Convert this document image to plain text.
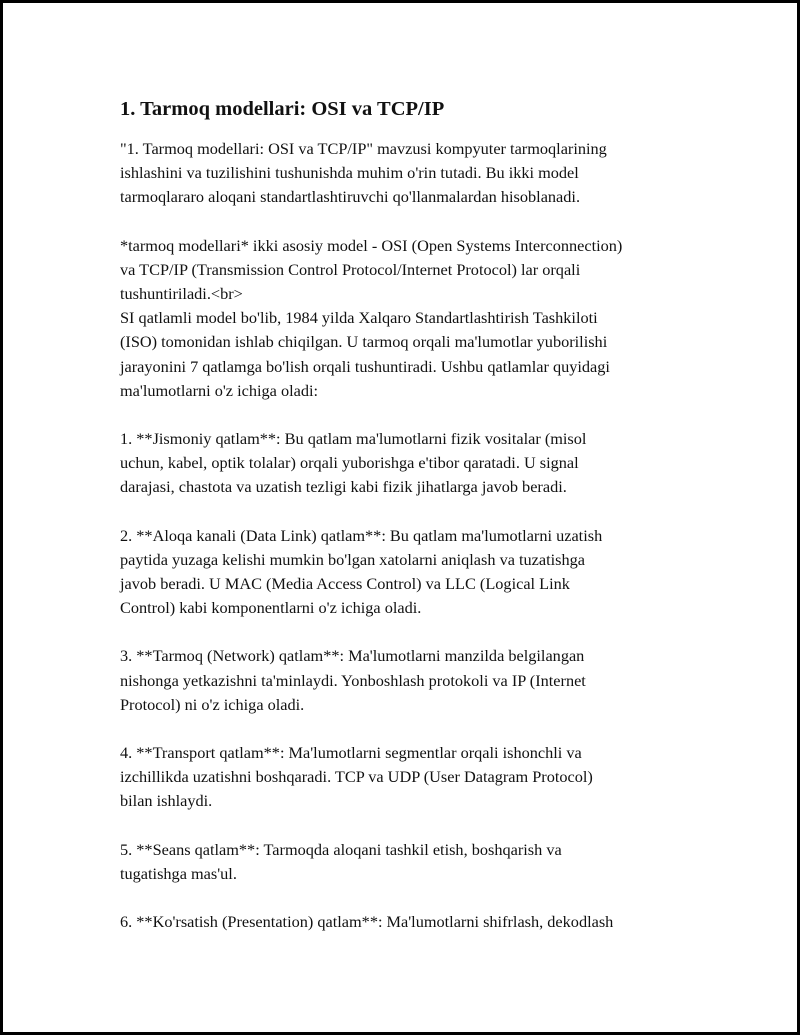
1. Tarmoq modellari: OSI va TCP/IP

"1. Tarmoq modellari: OSI va TCP/IP" mavzusi kompyuter tarmoqlarining
ishlashini va tuzilishini tushunishda muhim o'rin tutadi. Bu ikki model
tarmoqlararo aloqani standartlashtiruvchi qo'llanmalardan hisoblanadi.

*tarmoq modellari* ikki asosiy model - OSI (Open Systems Interconnection)
va TCP/IP (Transmission Control Protocol/Internet Protocol) lar orqali
tushuntiriladi.<br>
SI qatlamli model bo'lib, 1984 yilda Xalqaro Standartlashtirish Tashkiloti
(ISO) tomonidan ishlab chiqilgan. U tarmoq orqali ma'lumotlar yuborilishi
jarayonini 7 qatlamga bo'lish orqali tushuntiradi. Ushbu qatlamlar quyidagi
ma'lumotlarni o'z ichiga oladi:

1. **Jismoniy qatlam**: Bu qatlam ma'lumotlarni fizik vositalar (misol
uchun, kabel, optik tolalar) orqali yuborishga e'tibor qaratadi. U signal
darajasi, chastota va uzatish tezligi kabi fizik jihatlarga javob beradi.

2. **Aloqa kanali (Data Link) qatlam**: Bu qatlam ma'lumotlarni uzatish
paytida yuzaga kelishi mumkin bo'lgan xatolarni aniqlash va tuzatishga
javob beradi. U MAC (Media Access Control) va LLC (Logical Link
Control) kabi komponentlarni o'z ichiga oladi.

3. **Tarmoq (Network) qatlam**: Ma'lumotlarni manzilda belgilangan
nishonga yetkazishni ta'minlaydi. Yonboshlash protokoli va IP (Internet
Protocol) ni o'z ichiga oladi.

4. **Transport qatlam**: Ma'lumotlarni segmentlar orqali ishonchli va
izchillikda uzatishni boshqaradi. TCP va UDP (User Datagram Protocol)
bilan ishlaydi.

5. **Seans qatlam**: Tarmoqda aloqani tashkil etish, boshqarish va
tugatishga mas'ul.

6. **Ko'rsatish (Presentation) qatlam**: Ma'lumotlarni shifrlash, dekodlash
